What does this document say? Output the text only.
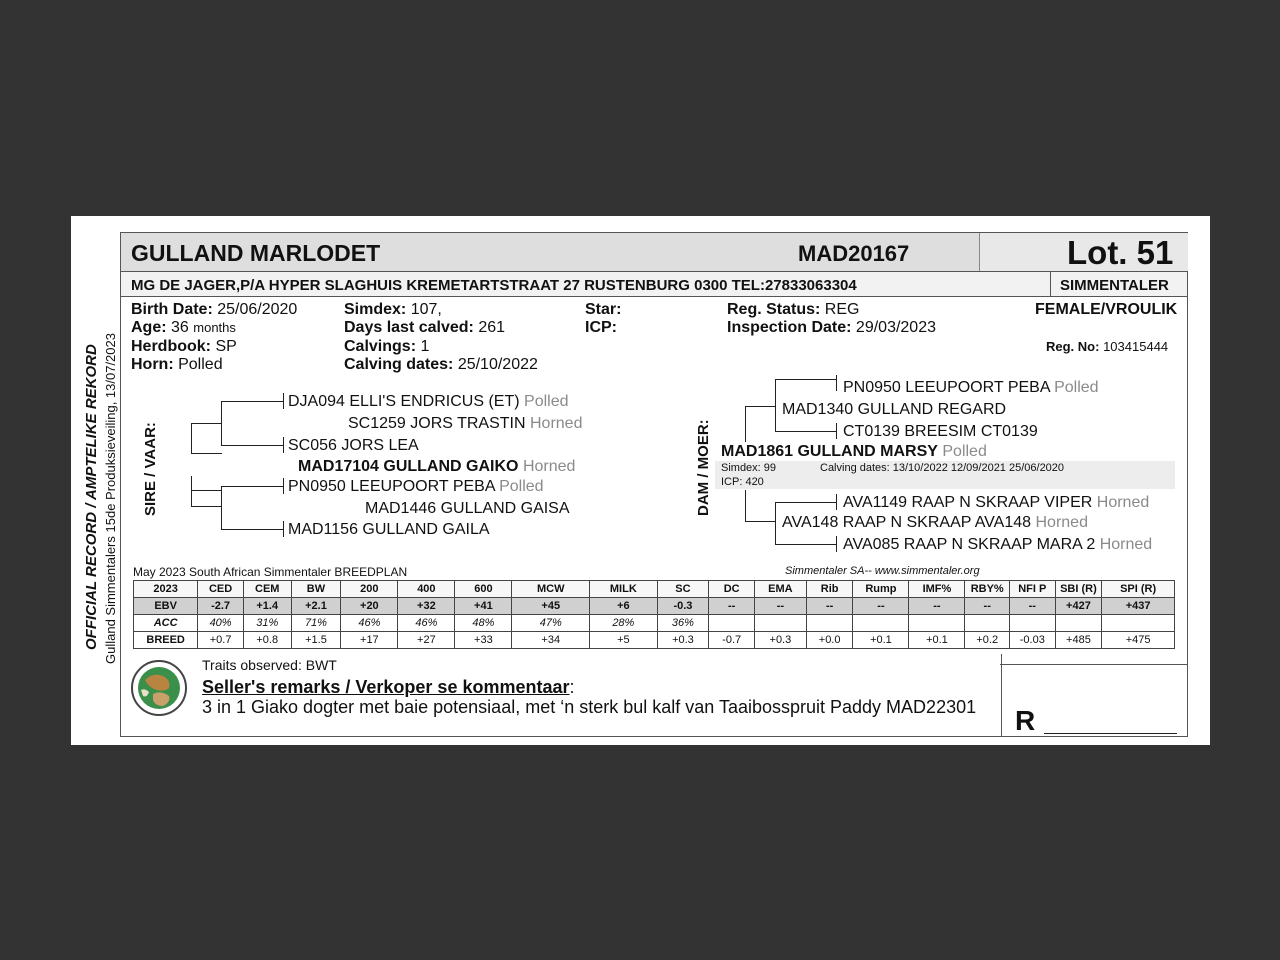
GULLAND MARLODET	MAD20167	Lot. 51
MG DE JAGER,P/A HYPER SLAGHUIS KREMETARTSTRAAT 27 RUSTENBURG 0300 TEL:27833063304	SIMMENTALER
OFFICIAL RECORD / AMPTELIKE REKORD Gulland Simmentalers 15de Produksieveiling, 13/07/2023
Birth Date: 25/06/2020
Age: 36 months
Herdbook: SP
Horn: Polled
Simdex: 107,
Days last calved: 261
Calvings: 1
Calving dates: 25/10/2022
Star:
ICP:
Reg. Status: REG
Inspection Date: 29/03/2023
FEMALE/VROULIK
Reg. No: 103415444
SIRE / VAAR:
DJA094 ELLI'S ENDRICUS (ET) Polled
SC1259 JORS TRASTIN Horned
SC056 JORS LEA
MAD17104 GULLAND GAIKO Horned
PN0950 LEEUPOORT PEBA Polled
MAD1446 GULLAND GAISA
MAD1156 GULLAND GAILA
DAM / MOER:
PN0950 LEEUPOORT PEBA Polled
MAD1340 GULLAND REGARD
CT0139 BREESIM CT0139
MAD1861 GULLAND MARSY Polled
Simdex: 99	Calving dates: 13/10/2022 12/09/2021 25/06/2020
ICP: 420
AVA1149 RAAP N SKRAAP VIPER Horned
AVA148 RAAP N SKRAAP AVA148 Horned
AVA085 RAAP N SKRAAP MARA 2 Horned
May 2023 South African Simmentaler BREEDPLAN	Simmentaler SA-- www.simmentaler.org
2023	CED	CEM	BW	200	400	600	MCW	MILK	SC	DC	EMA	Rib	Rump	IMF%	RBY%	NFI P	SBI (R)	SPI (R)
EBV	-2.7	+1.4	+2.1	+20	+32	+41	+45	+6	-0.3	--	--	--	--	--	--	--	+427	+437
ACC	40%	31%	71%	46%	46%	48%	47%	28%	36%									
BREED	+0.7	+0.8	+1.5	+17	+27	+33	+34	+5	+0.3	-0.7	+0.3	+0.0	+0.1	+0.1	+0.2	-0.03	+485	+475
Traits observed: BWT
Seller's remarks / Verkoper se kommentaar:
3 in 1 Giako dogter met baie potensiaal, met ‘n sterk bul kalf van Taaibosspruit Paddy MAD22301 R
